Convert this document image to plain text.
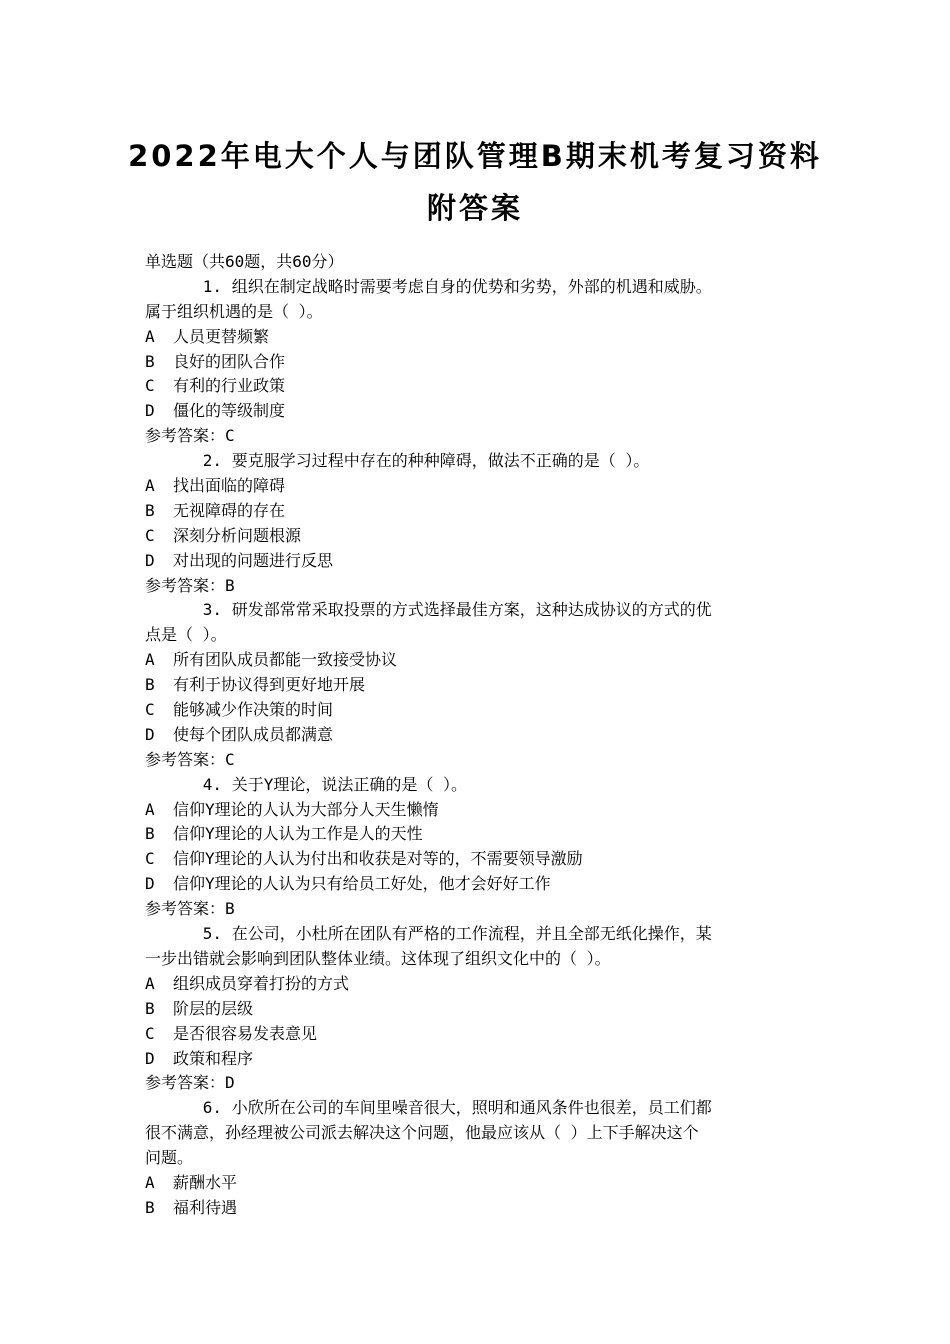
2022年电大个人与团队管理B期末机考复习资料
附答案
单选题（共60题，共60分）
1. 组织在制定战略时需要考虑自身的优势和劣势，外部的机遇和威胁。
属于组织机遇的是（ ）。
A 人员更替频繁
B 良好的团队合作
C 有利的行业政策
D 僵化的等级制度
参考答案：C
2. 要克服学习过程中存在的种种障碍，做法不正确的是（ ）。
A 找出面临的障碍
B 无视障碍的存在
C 深刻分析问题根源
D 对出现的问题进行反思
参考答案：B
3. 研发部常常采取投票的方式选择最佳方案，这种达成协议的方式的优
点是（ ）。
A 所有团队成员都能一致接受协议
B 有利于协议得到更好地开展
C 能够减少作决策的时间
D 使每个团队成员都满意
参考答案：C
4. 关于Y理论，说法正确的是（ ）。
A 信仰Y理论的人认为大部分人天生懒惰
B 信仰Y理论的人认为工作是人的天性
C 信仰Y理论的人认为付出和收获是对等的，不需要领导激励
D 信仰Y理论的人认为只有给员工好处，他才会好好工作
参考答案：B
5. 在公司，小杜所在团队有严格的工作流程，并且全部无纸化操作，某
一步出错就会影响到团队整体业绩。这体现了组织文化中的（ ）。
A 组织成员穿着打扮的方式
B 阶层的层级
C 是否很容易发表意见
D 政策和程序
参考答案：D
6. 小欣所在公司的车间里噪音很大，照明和通风条件也很差，员工们都
很不满意，孙经理被公司派去解决这个问题，他最应该从（ ）上下手解决这个
问题。
A 薪酬水平
B 福利待遇
